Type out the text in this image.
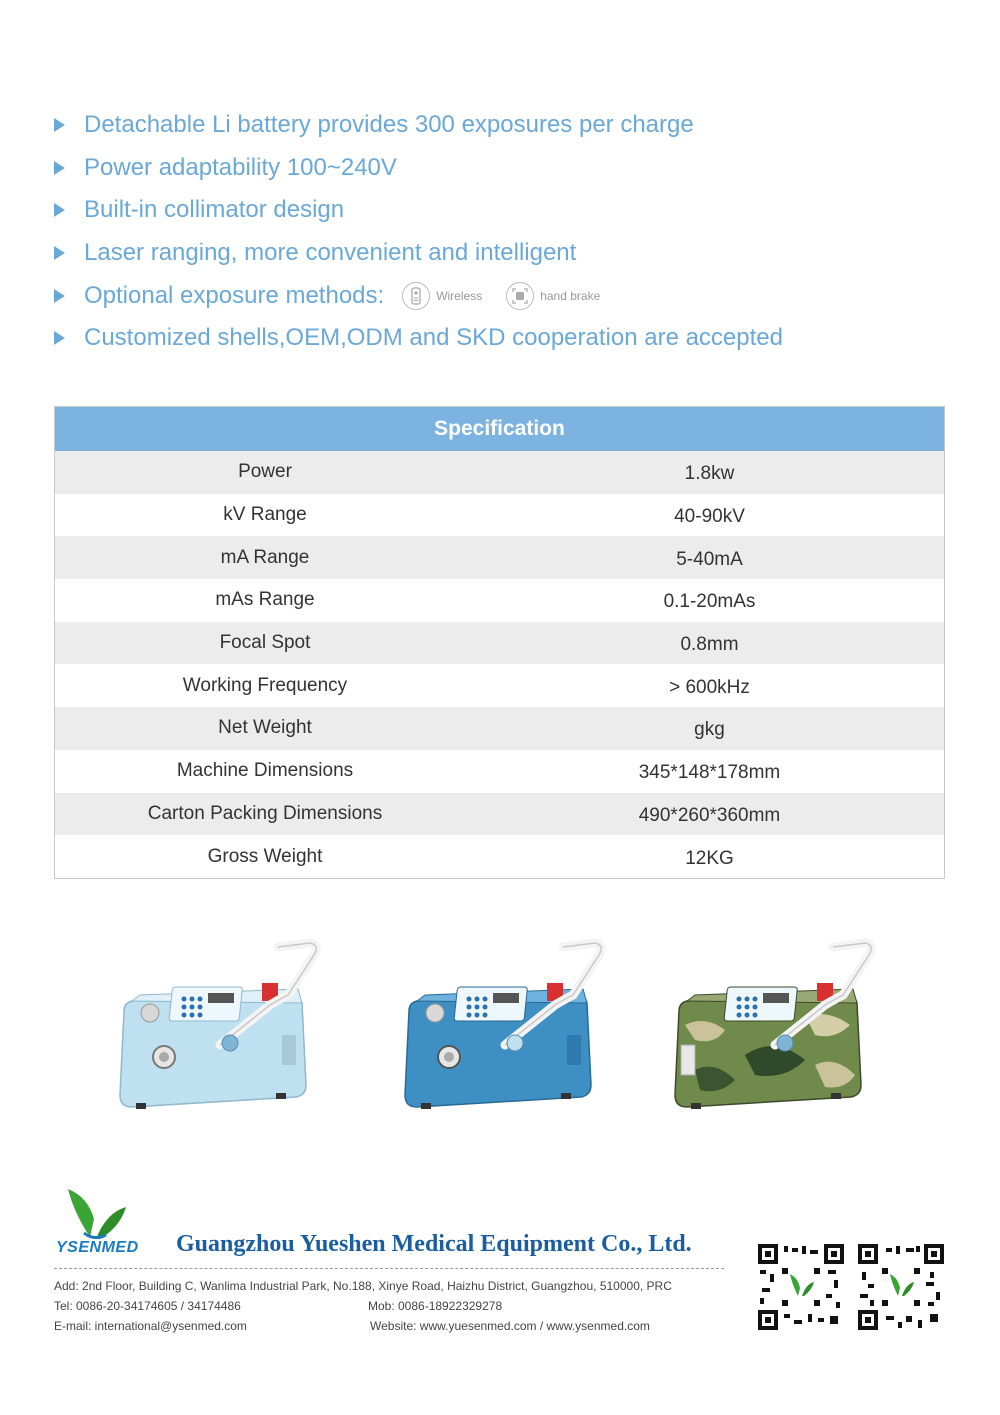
Detachable Li battery provides 300 exposures per charge
Power adaptability 100~240V
Built-in collimator design
Laser ranging, more convenient and intelligent
Optional exposure methods:	Wireless	hand brake
Customized shells,OEM,ODM and SKD cooperation are accepted
Specification
Power	1.8kw
kV Range	40-90kV
mA Range	5-40mA
mAs Range	0.1-20mAs
Focal Spot	0.8mm
Working Frequency	> 600kHz
Net Weight	gkg
Machine Dimensions	345*148*178mm
Carton Packing Dimensions	490*260*360mm
Gross Weight	12KG
YSENMED Guangzhou Yueshen Medical Equipment Co., Ltd.
Add: 2nd Floor, Building C, Wanlima Industrial Park, No.188, Xinye Road, Haizhu District, Guangzhou, 510000, PRC
Tel: 0086-20-34174605 / 34174486	Mob: 0086-18922329278
E-mail: international@ysenmed.com	Website: www.yuesenmed.com / www.ysenmed.com
